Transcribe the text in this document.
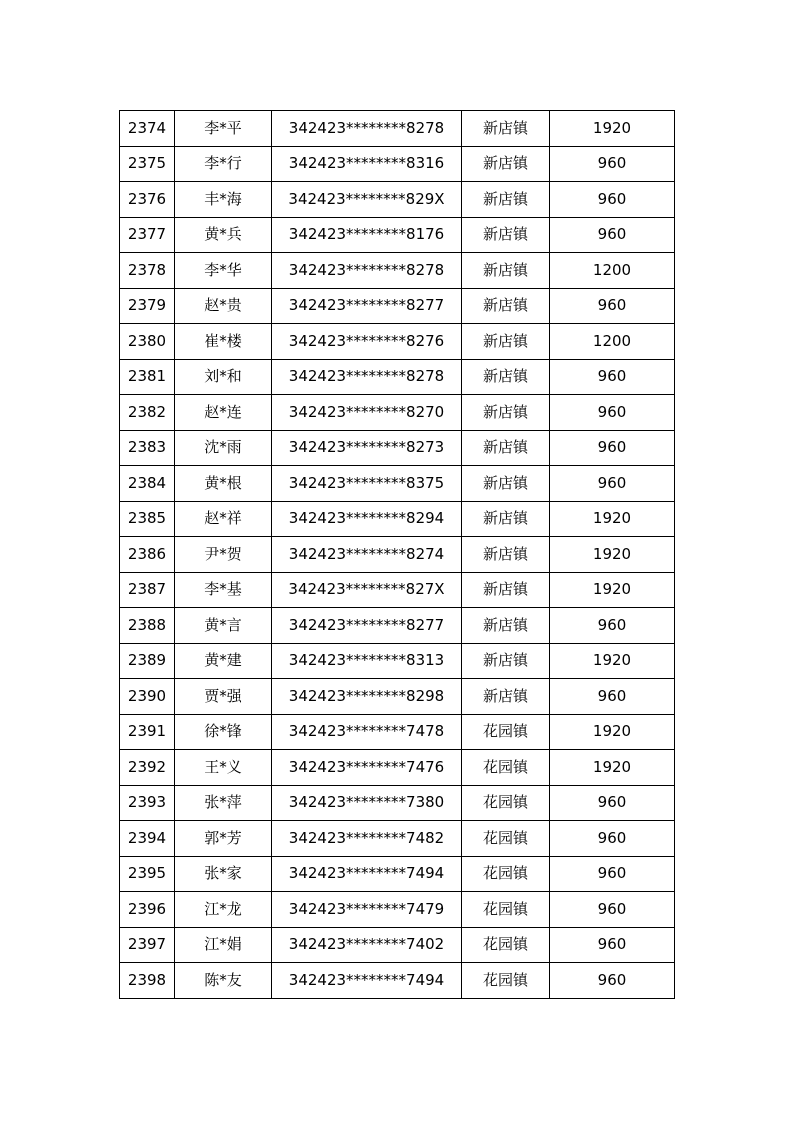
2374	李*平	342423********8278	新店镇	1920
2375	李*行	342423********8316	新店镇	960
2376	丰*海	342423********829X	新店镇	960
2377	黄*兵	342423********8176	新店镇	960
2378	李*华	342423********8278	新店镇	1200
2379	赵*贵	342423********8277	新店镇	960
2380	崔*楼	342423********8276	新店镇	1200
2381	刘*和	342423********8278	新店镇	960
2382	赵*连	342423********8270	新店镇	960
2383	沈*雨	342423********8273	新店镇	960
2384	黄*根	342423********8375	新店镇	960
2385	赵*祥	342423********8294	新店镇	1920
2386	尹*贺	342423********8274	新店镇	1920
2387	李*基	342423********827X	新店镇	1920
2388	黄*言	342423********8277	新店镇	960
2389	黄*建	342423********8313	新店镇	1920
2390	贾*强	342423********8298	新店镇	960
2391	徐*锋	342423********7478	花园镇	1920
2392	王*义	342423********7476	花园镇	1920
2393	张*萍	342423********7380	花园镇	960
2394	郭*芳	342423********7482	花园镇	960
2395	张*家	342423********7494	花园镇	960
2396	江*龙	342423********7479	花园镇	960
2397	江*娟	342423********7402	花园镇	960
2398	陈*友	342423********7494	花园镇	960
